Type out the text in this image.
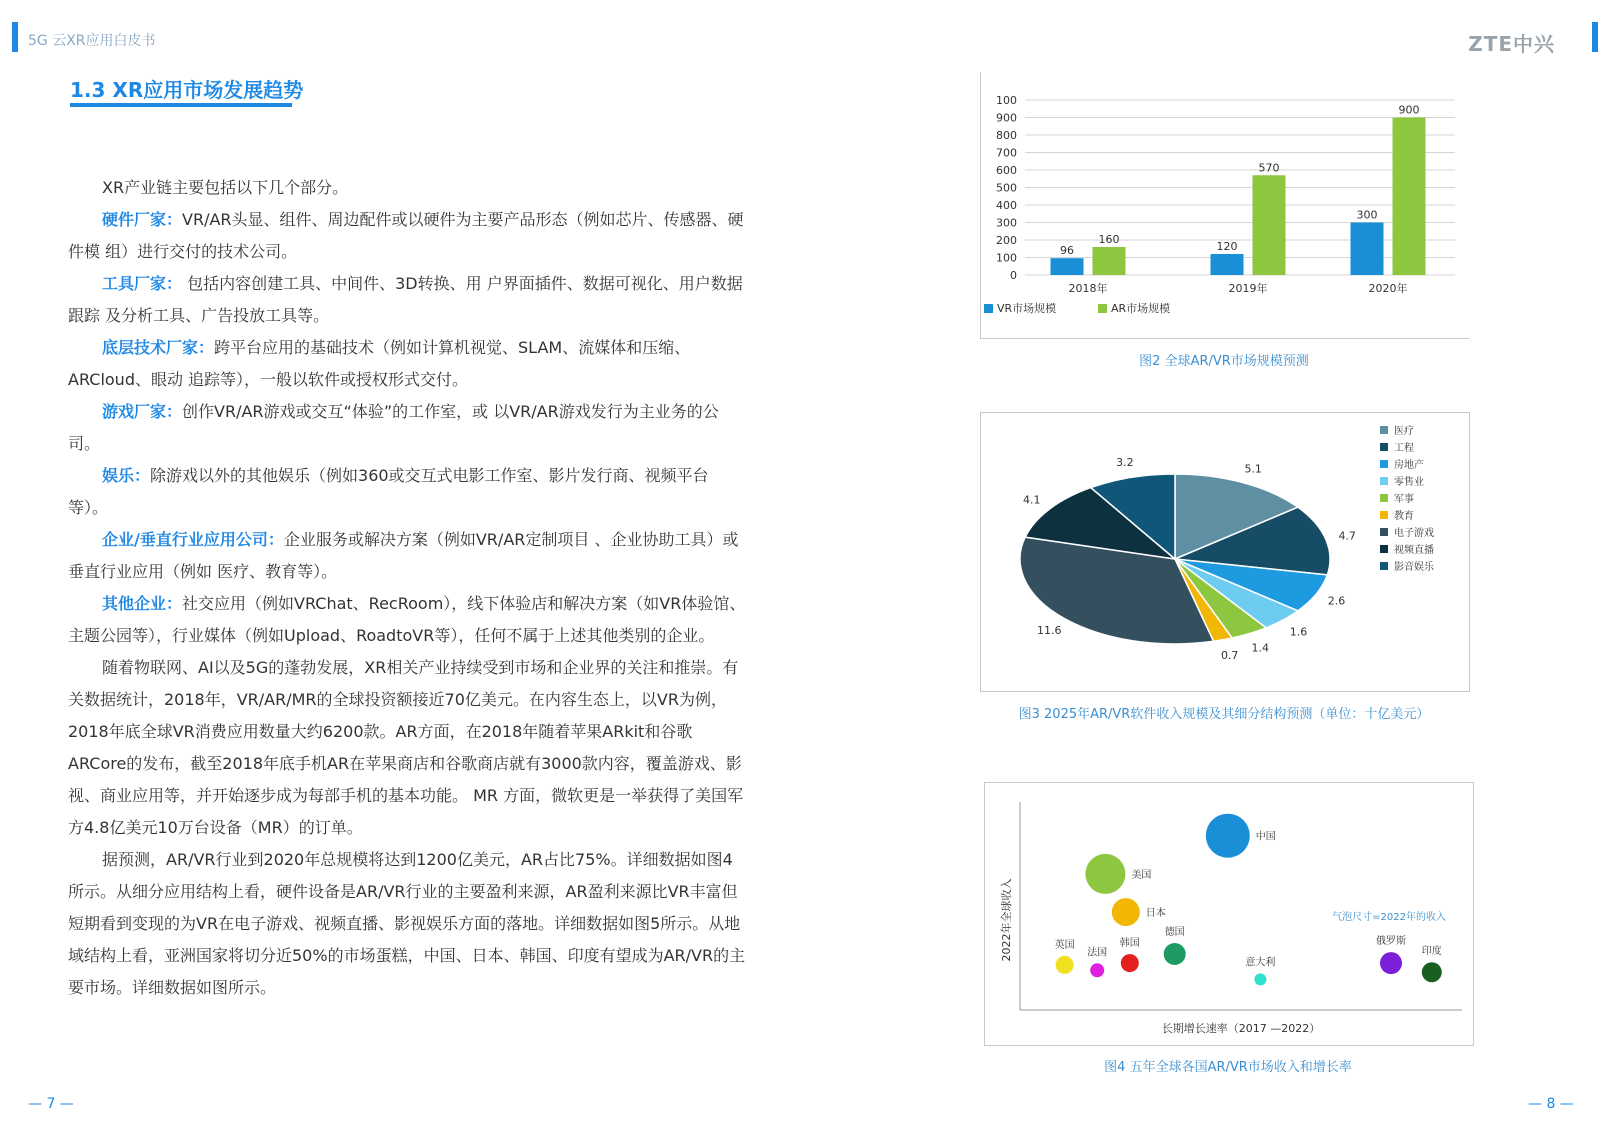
5G 云XR应用白皮书	ZTE中兴
1.3 XR应用市场发展趋势

XR产业链主要包括以下几个部分。

硬件厂家：VR/AR头显、组件、周边配件或以硬件为主要产品形态（例如芯片、传感器、硬件模 组）进行交付的技术公司。

工具厂家： 包括内容创建工具、中间件、3D转换、用 户界面插件、数据可视化、用户数据跟踪 及分析工具、广告投放工具等。

底层技术厂家：跨平台应用的基础技术（例如计算机视觉、SLAM、流媒体和压缩、ARCloud、眼动 追踪等），一般以软件或授权形式交付。

游戏厂家：创作VR/AR游戏或交互“体验”的工作室，或 以VR/AR游戏发行为主业务的公司。

娱乐：除游戏以外的其他娱乐（例如360或交互式电影工作室、影片发行商、视频平台等）。

企业/垂直行业应用公司：企业服务或解决方案（例如VR/AR定制项目 、企业协助工具）或垂直行业应用（例如 医疗、教育等）。

其他企业：社交应用（例如VRChat、RecRoom），线下体验店和解决方案（如VR体验馆、主题公园等），行业媒体（例如Upload、RoadtoVR等），任何不属于上述其他类别的企业。

随着物联网、AI以及5G的蓬勃发展，XR相关产业持续受到市场和企业界的关注和推崇。有关数据统计，2018年，VR/AR/MR的全球投资额接近70亿美元。在内容生态上，以VR为例，2018年底全球VR消费应用数量大约6200款。AR方面，在2018年随着苹果ARkit和谷歌ARCore的发布，截至2018年底手机AR在苹果商店和谷歌商店就有3000款内容，覆盖游戏、影视、商业应用等，并开始逐步成为每部手机的基本功能。 MR 方面，微软更是一举获得了美国军方4.8亿美元10万台设备（MR）的订单。

据预测，AR/VR行业到2020年总规模将达到1200亿美元，AR占比75%。详细数据如图4所示。从细分应用结构上看，硬件设备是AR/VR行业的主要盈利来源，AR盈利来源比VR丰富但短期看到变现的为VR在电子游戏、视频直播、影视娱乐方面的落地。详细数据如图5所示。从地域结构上看，亚洲国家将切分近50%的市场蛋糕，中国、日本、韩国、印度有望成为AR/VR的主要市场。详细数据如图所示。

0
100
200
300
400
500
600
700
800
900
100
2018年
96
160
2019年
120
570
2020年
300
900
VR市场规模	AR市场规模
图2 全球AR/VR市场规模预测
5.1
4.7
2.6
1.6
1.4
0.7
11.6
4.1
3.2
医疗
工程
房地产
零售业
军事
教育
电子游戏
视频直播
影音娱乐
图3 2025年AR/VR软件收入规模及其细分结构预测（单位：十亿美元）
长期增长速率（2017 —2022）
2022年全球收入	气泡尺寸=2022年的收入
中国
美国
日本
英国
法国
韩国
德国
意大利
俄罗斯
印度
图4 五年全球各国AR/VR市场收入和增长率
— 7 —	— 8 —
